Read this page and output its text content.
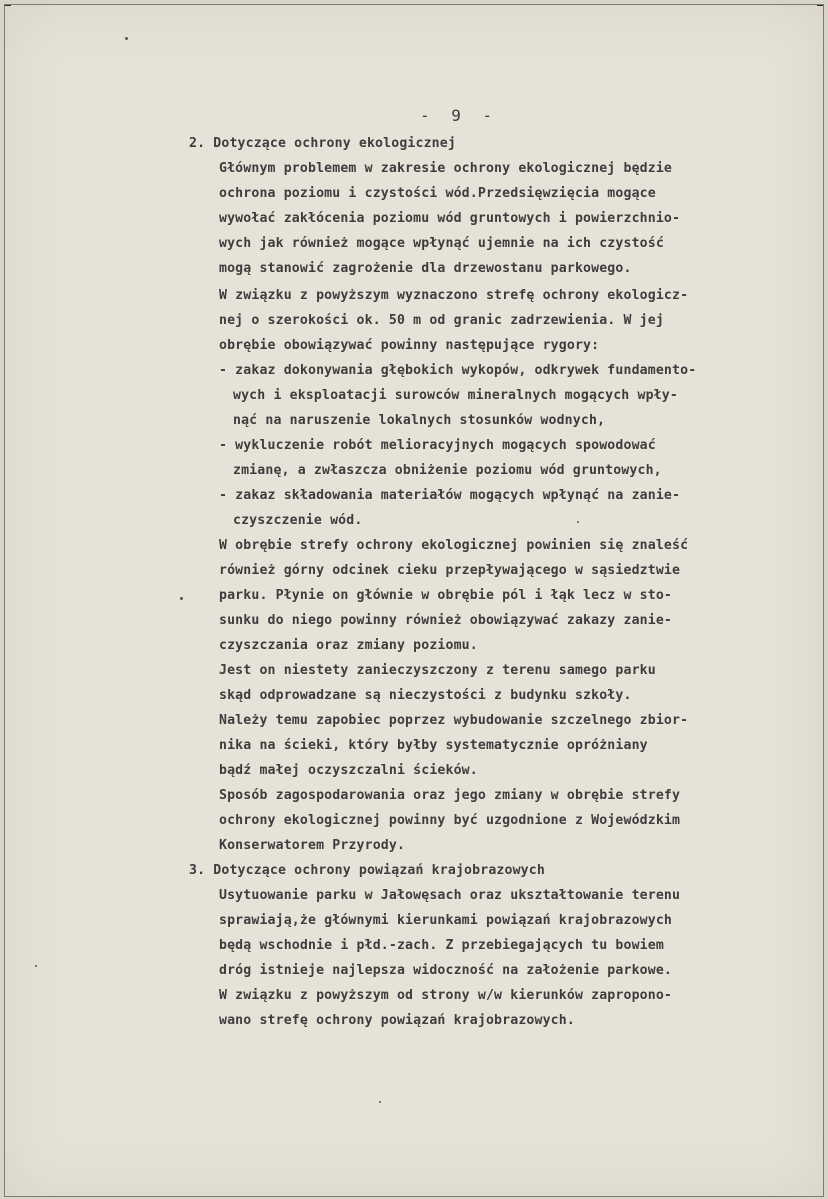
- 9 -
2. Dotyczące ochrony ekologicznej
Głównym problemem w zakresie ochrony ekologicznej będzie
ochrona poziomu i czystości wód.Przedsięwzięcia mogące
wywołać zakłócenia poziomu wód gruntowych i powierzchnio-
wych jak również mogące wpłynąć ujemnie na ich czystość
mogą stanowić zagrożenie dla drzewostanu parkowego.
W związku z powyższym wyznaczono strefę ochrony ekologicz-
nej o szerokości ok. 50 m od granic zadrzewienia. W jej
obrębie obowiązywać powinny następujące rygory:
- zakaz dokonywania głębokich wykopów, odkrywek fundamento-
wych i eksploatacji surowców mineralnych mogących wpły-
nąć na naruszenie lokalnych stosunków wodnych,
- wykluczenie robót melioracyjnych mogących spowodować
zmianę, a zwłaszcza obniżenie poziomu wód gruntowych,
- zakaz składowania materiałów mogących wpłynąć na zanie-
czyszczenie wód.
W obrębie strefy ochrony ekologicznej powinien się znaleść
również górny odcinek cieku przepływającego w sąsiedztwie
parku. Płynie on głównie w obrębie pól i łąk lecz w sto-
sunku do niego powinny również obowiązywać zakazy zanie-
czyszczania oraz zmiany poziomu.
Jest on niestety zanieczyszczony z terenu samego parku
skąd odprowadzane są nieczystości z budynku szkoły.
Należy temu zapobiec poprzez wybudowanie szczelnego zbior-
nika na ścieki, który byłby systematycznie opróżniany
bądź małej oczyszczalni ścieków.
Sposób zagospodarowania oraz jego zmiany w obrębie strefy
ochrony ekologicznej powinny być uzgodnione z Wojewódzkim
Konserwatorem Przyrody.
3. Dotyczące ochrony powiązań krajobrazowych
Usytuowanie parku w Jałowęsach oraz ukształtowanie terenu
sprawiają,że głównymi kierunkami powiązań krajobrazowych
będą wschodnie i płd.-zach. Z przebiegających tu bowiem
dróg istnieje najlepsza widoczność na założenie parkowe.
W związku z powyższym od strony w/w kierunków zapropono-
wano strefę ochrony powiązań krajobrazowych.
